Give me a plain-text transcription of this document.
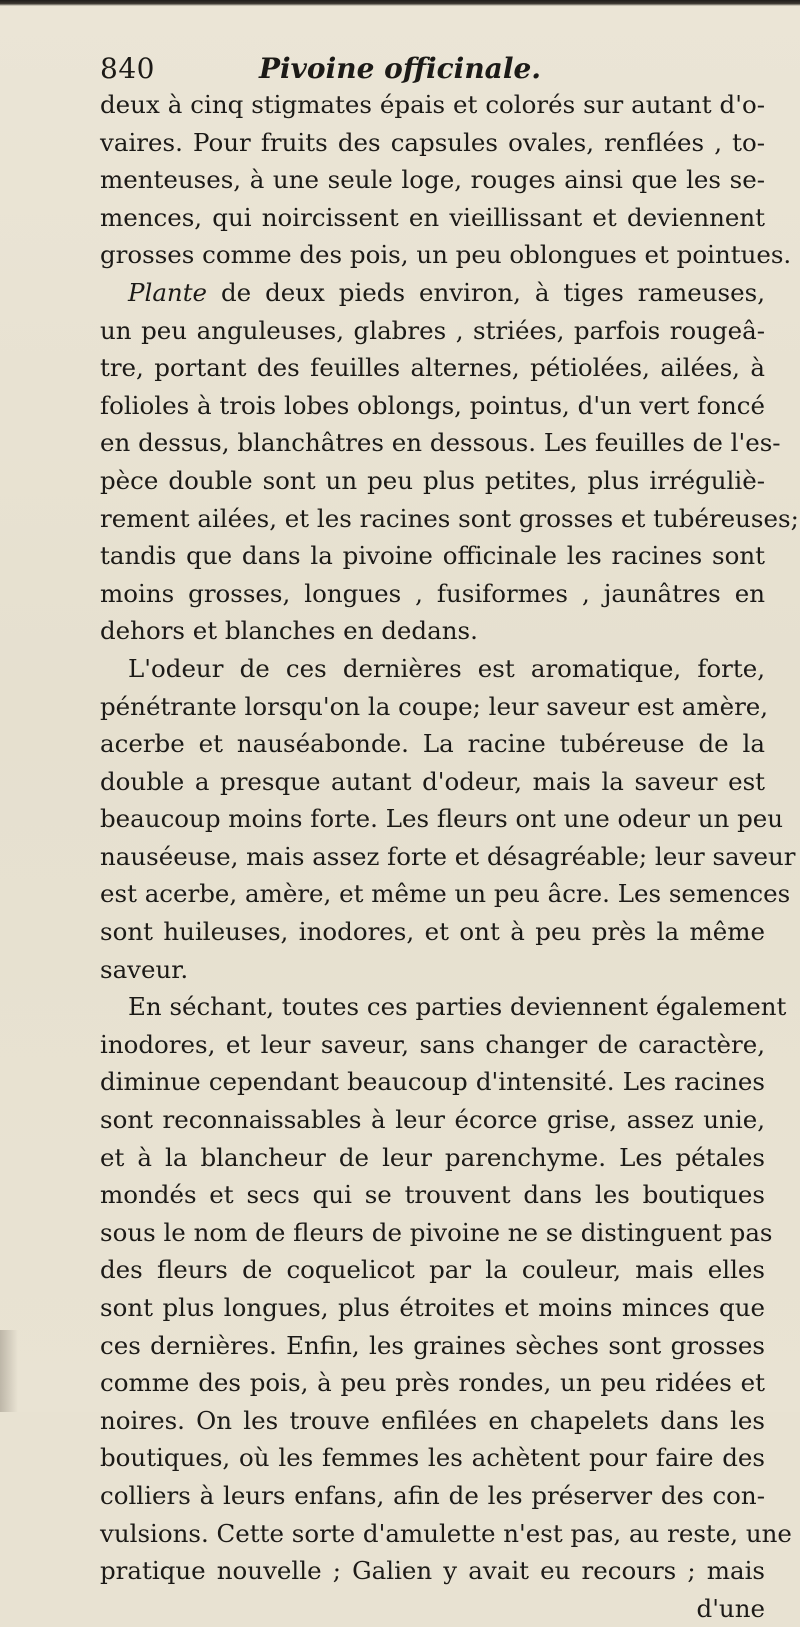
840	Pivoine officinale.
deux à cinq stigmates épais et colorés sur autant d'o-
vaires. Pour fruits des capsules ovales, renflées , to-
menteuses, à une seule loge, rouges ainsi que les se-
mences, qui noircissent en vieillissant et deviennent
grosses comme des pois, un peu oblongues et pointues.
Plante de deux pieds environ, à tiges rameuses,
un peu anguleuses, glabres , striées, parfois rougeâ-
tre, portant des feuilles alternes, pétiolées, ailées, à
folioles à trois lobes oblongs, pointus, d'un vert foncé
en dessus, blanchâtres en dessous. Les feuilles de l'es-
pèce double sont un peu plus petites, plus irréguliè-
rement ailées, et les racines sont grosses et tubéreuses;
tandis que dans la pivoine officinale les racines sont
moins grosses, longues , fusiformes , jaunâtres en
dehors et blanches en dedans.
L'odeur de ces dernières est aromatique, forte,
pénétrante lorsqu'on la coupe; leur saveur est amère,
acerbe et nauséabonde. La racine tubéreuse de la
double a presque autant d'odeur, mais la saveur est
beaucoup moins forte. Les fleurs ont une odeur un peu
nauséeuse, mais assez forte et désagréable; leur saveur
est acerbe, amère, et même un peu âcre. Les semences
sont huileuses, inodores, et ont à peu près la même
saveur.
En séchant, toutes ces parties deviennent également
inodores, et leur saveur, sans changer de caractère,
diminue cependant beaucoup d'intensité. Les racines
sont reconnaissables à leur écorce grise, assez unie,
et à la blancheur de leur parenchyme. Les pétales
mondés et secs qui se trouvent dans les boutiques
sous le nom de fleurs de pivoine ne se distinguent pas
des fleurs de coquelicot par la couleur, mais elles
sont plus longues, plus étroites et moins minces que
ces dernières. Enfin, les graines sèches sont grosses
comme des pois, à peu près rondes, un peu ridées et
noires. On les trouve enfilées en chapelets dans les
boutiques, où les femmes les achètent pour faire des
colliers à leurs enfans, afin de les préserver des con-
vulsions. Cette sorte d'amulette n'est pas, au reste, une
pratique nouvelle ; Galien y avait eu recours ; mais
d'une
